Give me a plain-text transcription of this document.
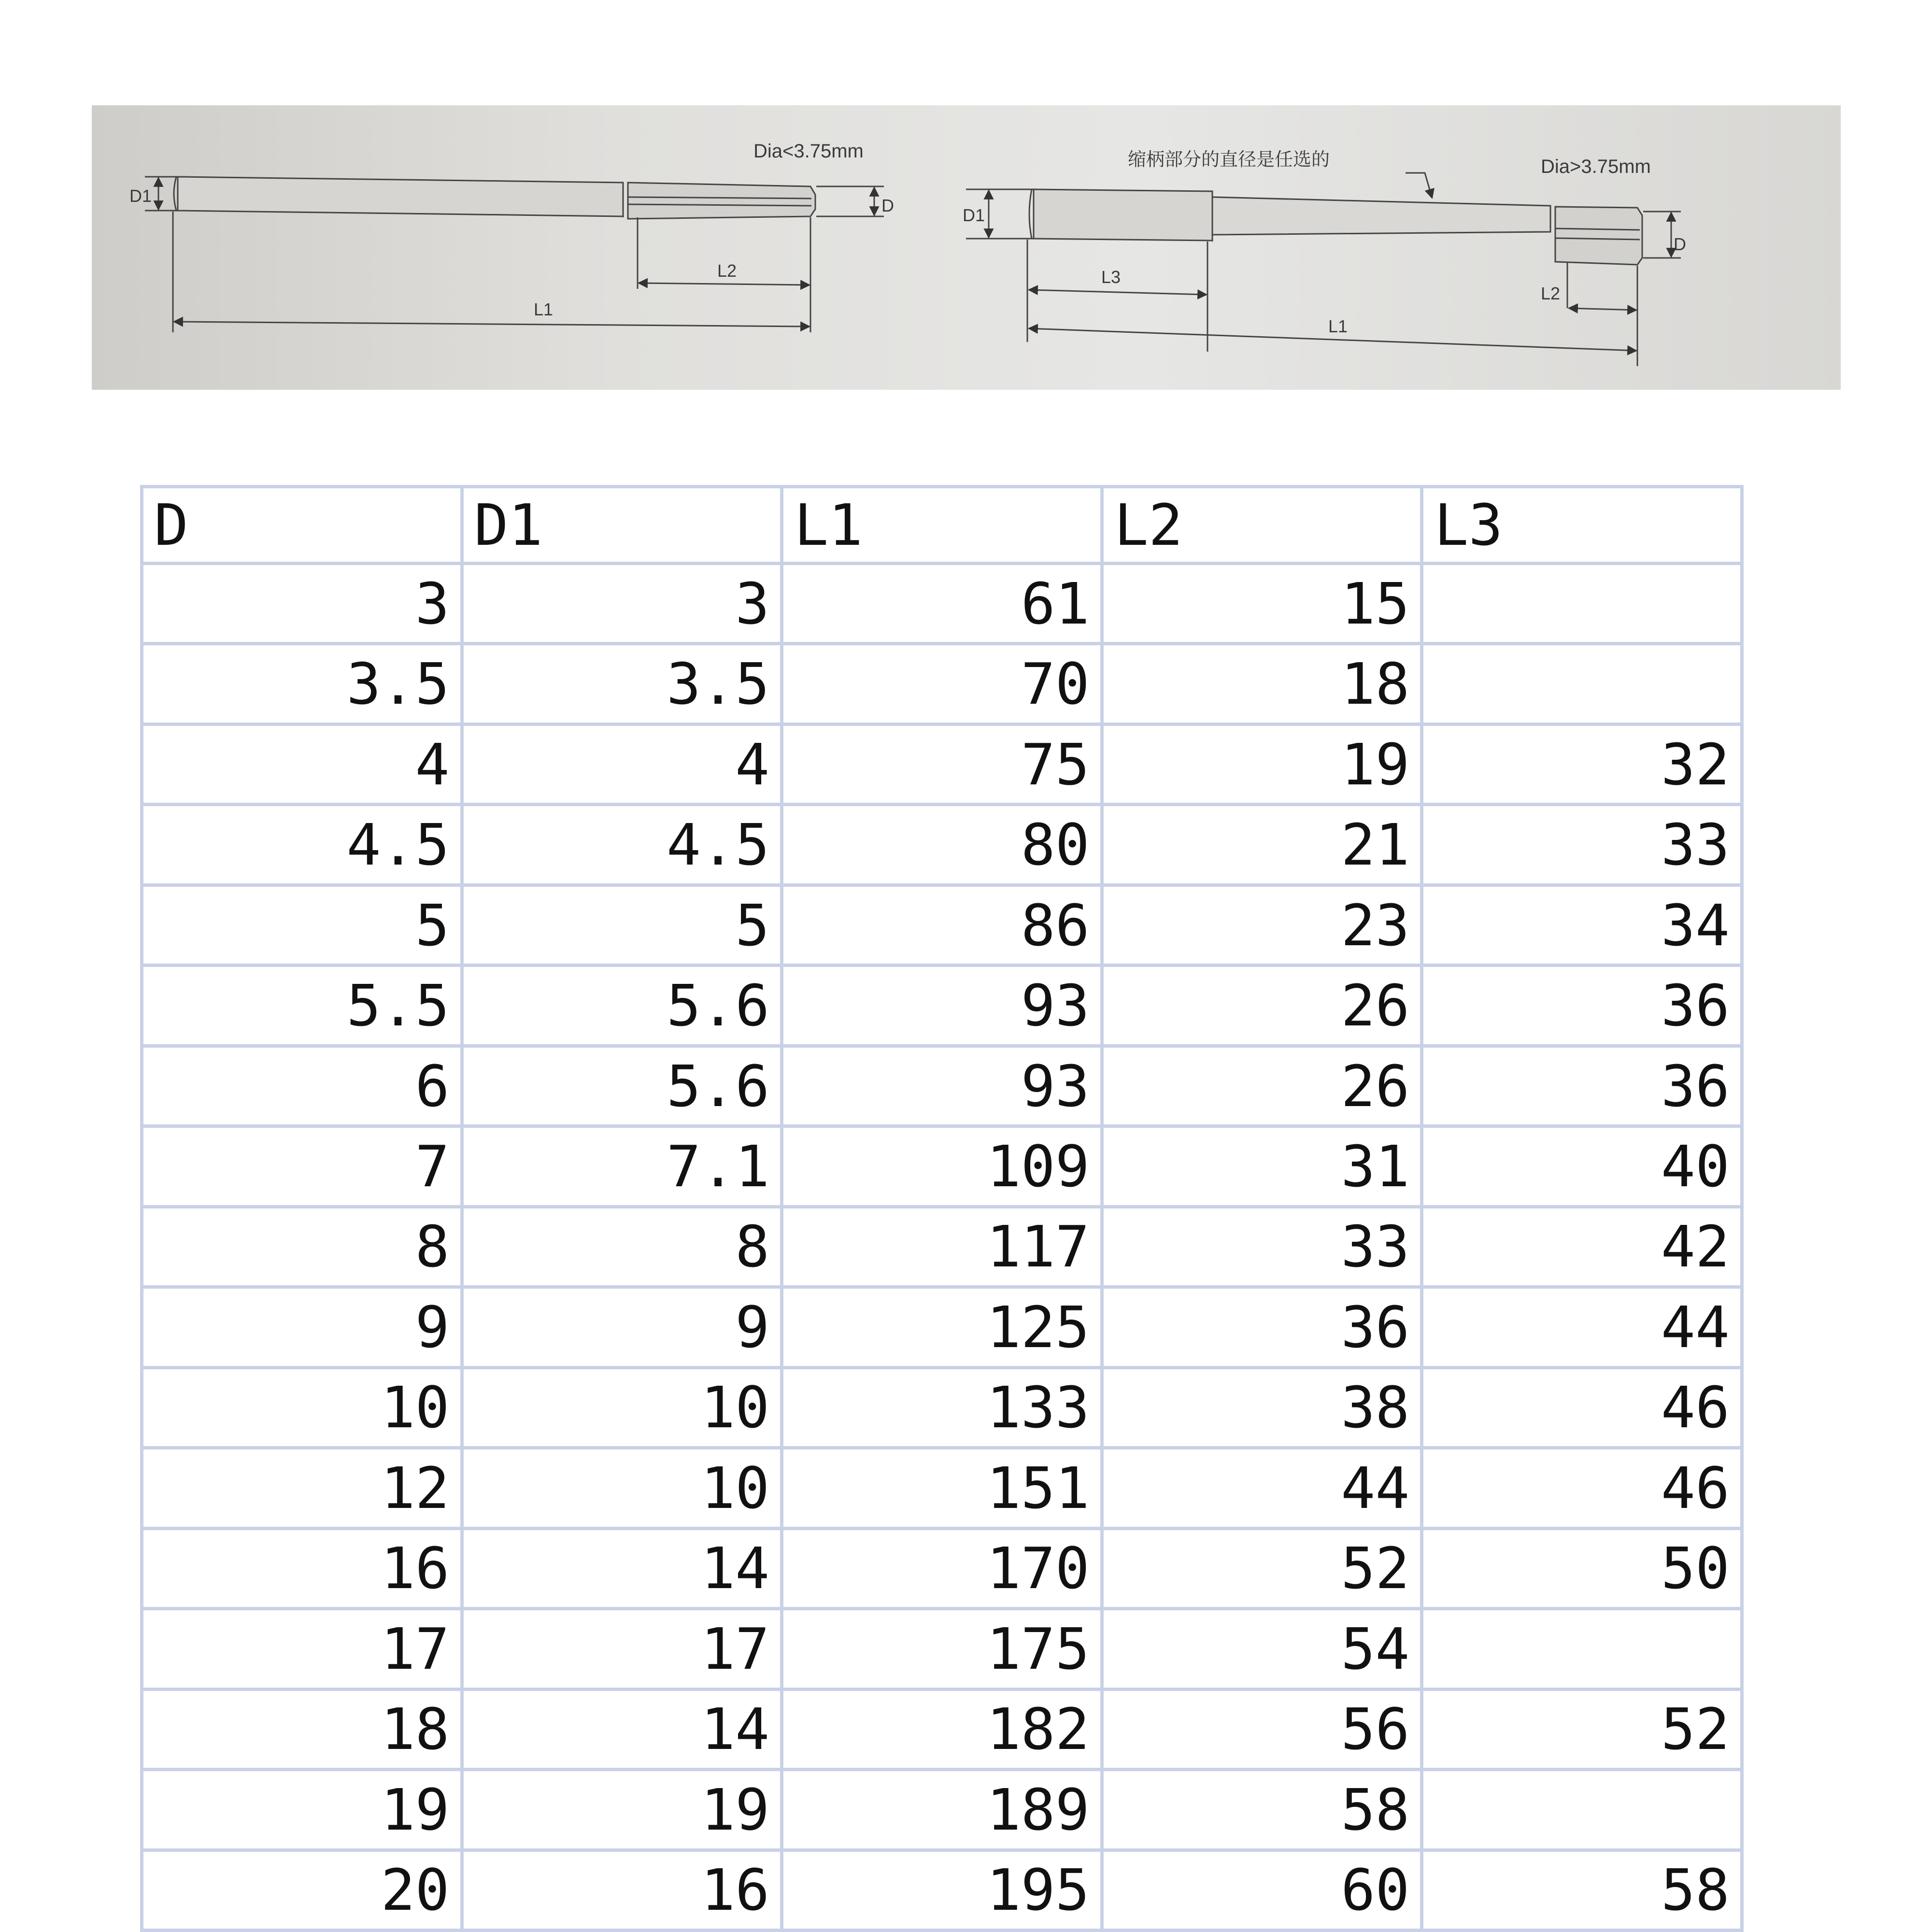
Dia<3.75mm
D1	D
L2
L1
Dia>3.75mm
缩柄部分的直径是任选的
D1
D
L3
L2
L1
D	D1	L1	L2	L3
3	3	61	15	
3.5	3.5	70	18	
4	4	75	19	32
4.5	4.5	80	21	33
5	5	86	23	34
5.5	5.6	93	26	36
6	5.6	93	26	36
7	7.1	109	31	40
8	8	117	33	42
9	9	125	36	44
10	10	133	38	46
12	10	151	44	46
16	14	170	52	50
17	17	175	54	
18	14	182	56	52
19	19	189	58	
20	16	195	60	58
